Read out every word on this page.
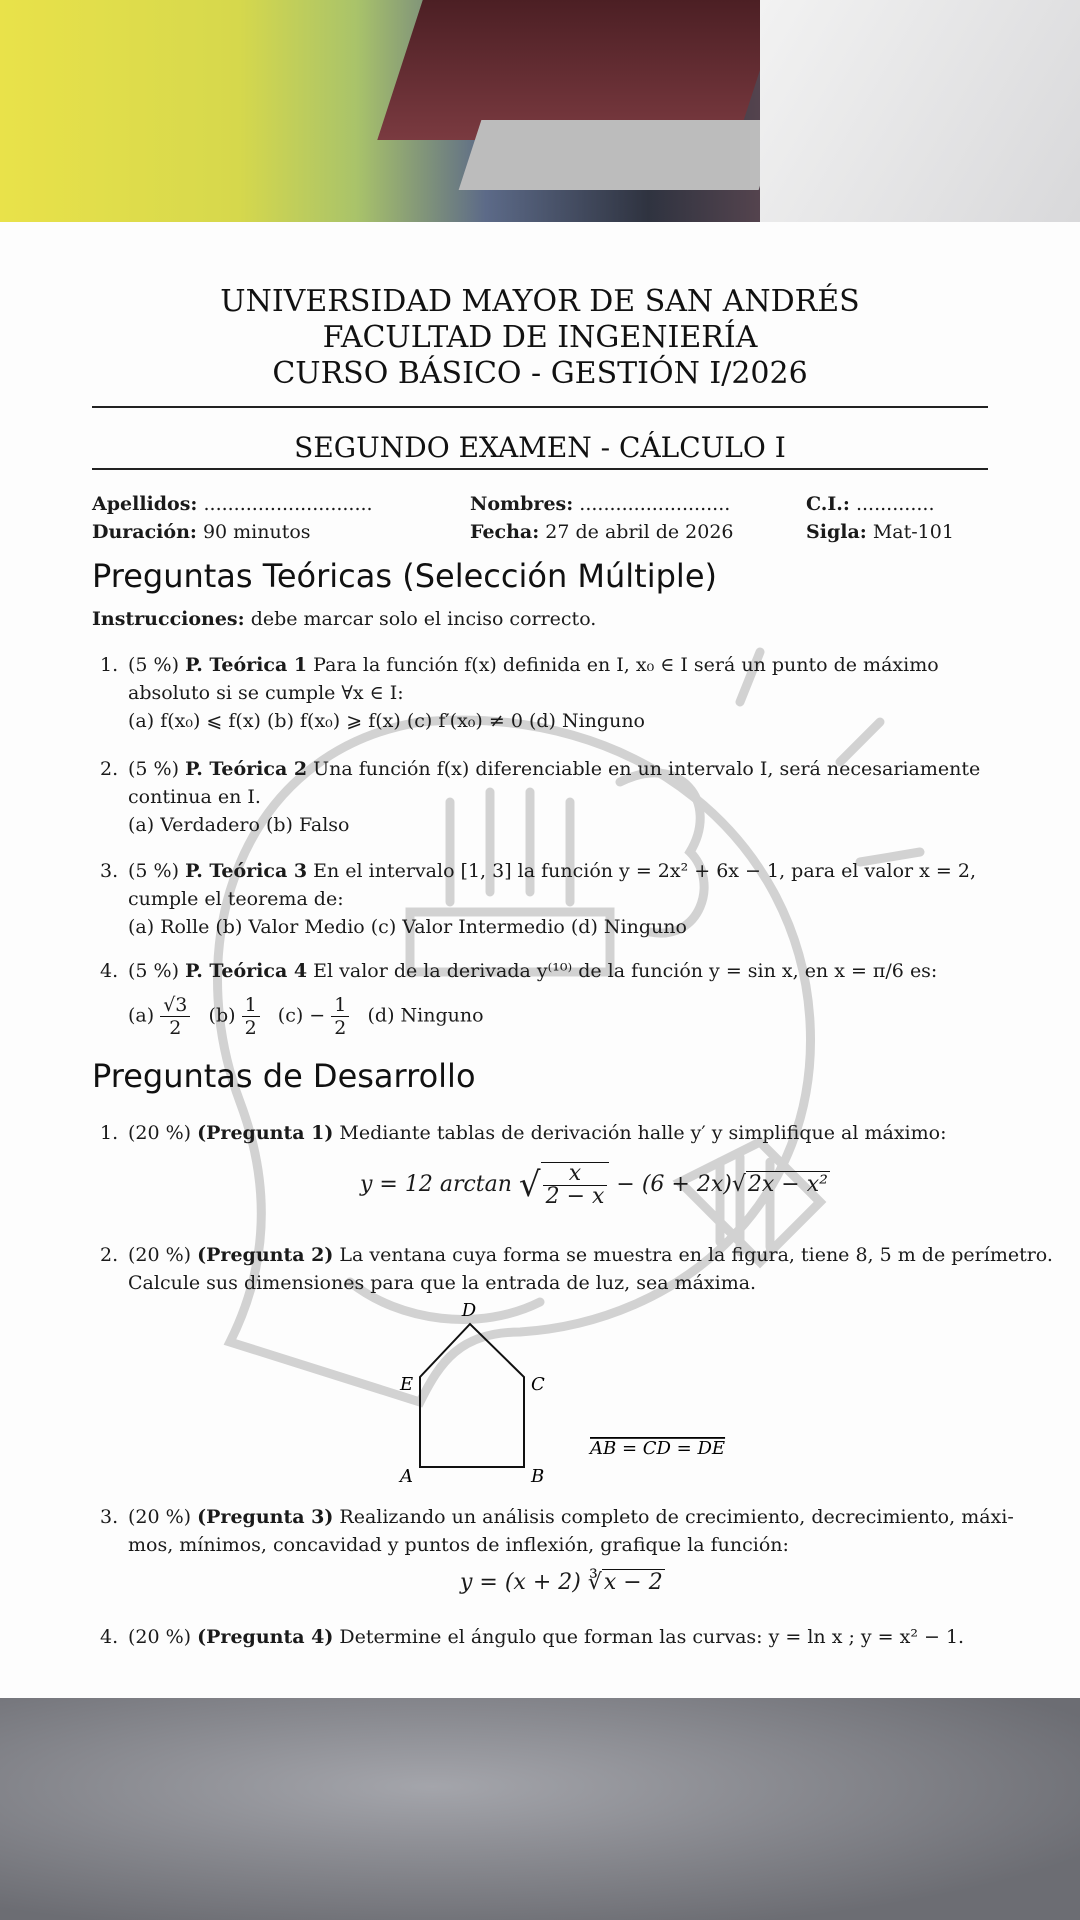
UNIVERSIDAD MAYOR DE SAN ANDRÉS
FACULTAD DE INGENIERÍA
CURSO BÁSICO - GESTIÓN I/2026
SEGUNDO EXAMEN - CÁLCULO I
Apellidos: ............................	Nombres: .........................	C.I.: .............
Duración: 90 minutos	Fecha: 27 de abril de 2026	Sigla: Mat-101
Preguntas Teóricas (Selección Múltiple)
Instrucciones: debe marcar solo el inciso correcto.
1. (5 %) P. Teórica 1 Para la función f(x) definida en I, x₀ ∈ I será un punto de máximo
absoluto si se cumple ∀x ∈ I:
(a) f(x₀) ⩽ f(x) (b) f(x₀) ⩾ f(x) (c) f′(x₀) ≠ 0 (d) Ninguno
2. (5 %) P. Teórica 2 Una función f(x) diferenciable en un intervalo I, será necesariamente
continua en I.
(a) Verdadero (b) Falso
3. (5 %) P. Teórica 3 En el intervalo [1, 3] la función y = 2x² + 6x − 1, para el valor x = 2,
cumple el teorema de:
(a) Rolle (b) Valor Medio (c) Valor Intermedio (d) Ninguno
4. (5 %) P. Teórica 4 El valor de la derivada y⁽¹⁰⁾ de la función y = sin x, en x = π/6 es:
$(a) \frac{√3}{2} (b) \frac{1}{2} (c) - \frac{1}{2} (d)$ Ninguno
Preguntas de Desarrollo
1. (20 %) (Pregunta 1) Mediante tablas de derivación halle y′ y simplifique al máximo:
y = 12 arctan √ $\frac{x}{2 - x} - (6 + 2x)√2x - x^2$
2. (20 %) (Pregunta 2) La ventana cuya forma se muestra en la figura, tiene 8, 5 m de perímetro.
Calcule sus dimensiones para que la entrada de luz, sea máxima.
D
E	C
A	B
AB = CD = DE
3. (20 %) (Pregunta 3) Realizando un análisis completo de crecimiento, decrecimiento, máxi-
mos, mínimos, concavidad y puntos de inflexión, grafique la función:
y = (x + 2) ∛x − 2
4. (20 %) (Pregunta 4) Determine el ángulo que forman las curvas: y = ln x ; y = x² − 1.
